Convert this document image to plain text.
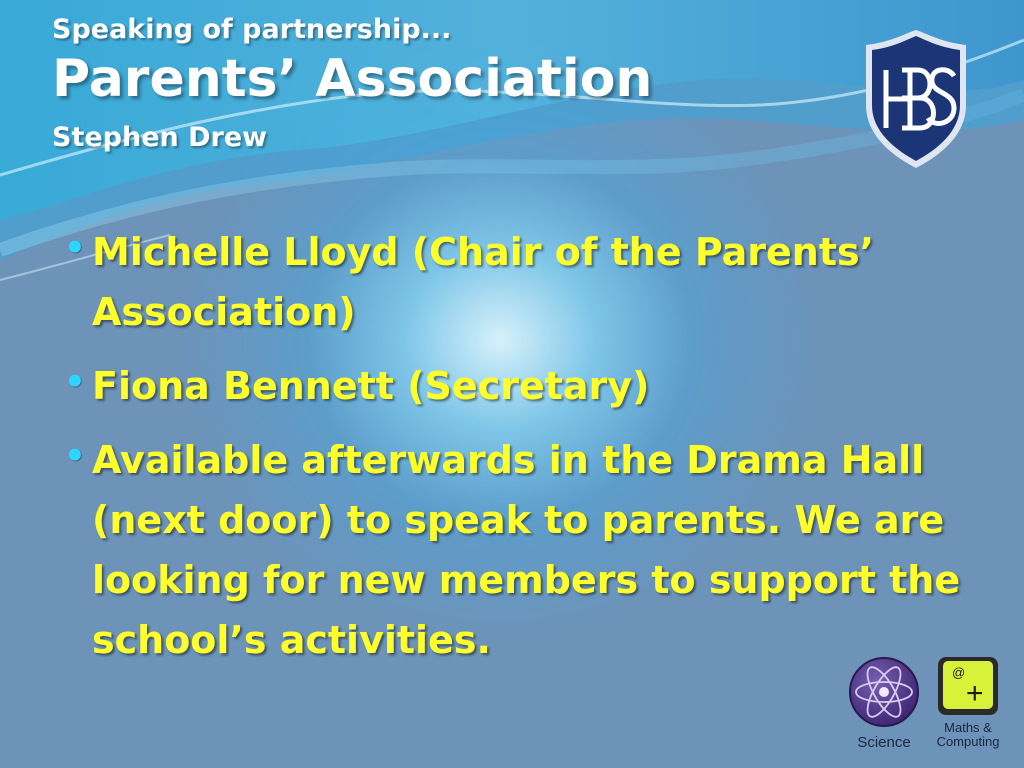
Speaking of partnership...
Parents’ Association
Stephen Drew
• Michelle Lloyd (Chair of the Parents’ Association)
• Fiona Bennett (Secretary)
• Available afterwards in the Drama Hall (next door) to speak to parents. We are looking for new members to support the school’s activities.
Science
@
+
Maths &
Computing
